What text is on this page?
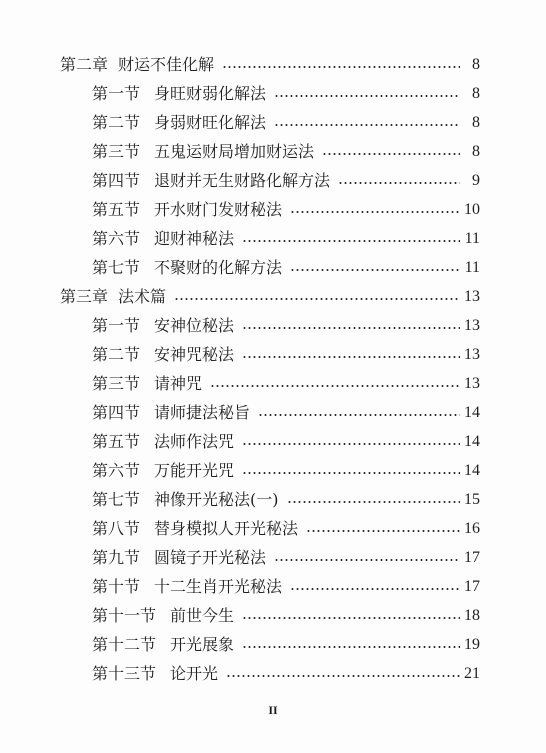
第二章 财运不佳化解	8
第一节 身旺财弱化解法	8
第二节 身弱财旺化解法	8
第三节 五鬼运财局增加财运法	8
第四节 退财并无生财路化解方法	9
第五节 开水财门发财秘法	10
第六节 迎财神秘法	11
第七节 不聚财的化解方法	11
第三章 法术篇	13
第一节 安神位秘法	13
第二节 安神咒秘法	13
第三节 请神咒	13
第四节 请师捷法秘旨	14
第五节 法师作法咒	14
第六节 万能开光咒	14
第七节 神像开光秘法(一)	15
第八节 替身模拟人开光秘法	16
第九节 圆镜子开光秘法	17
第十节 十二生肖开光秘法	17
第十一节 前世今生	18
第十二节 开光展象	19
第十三节 论开光	21
II
